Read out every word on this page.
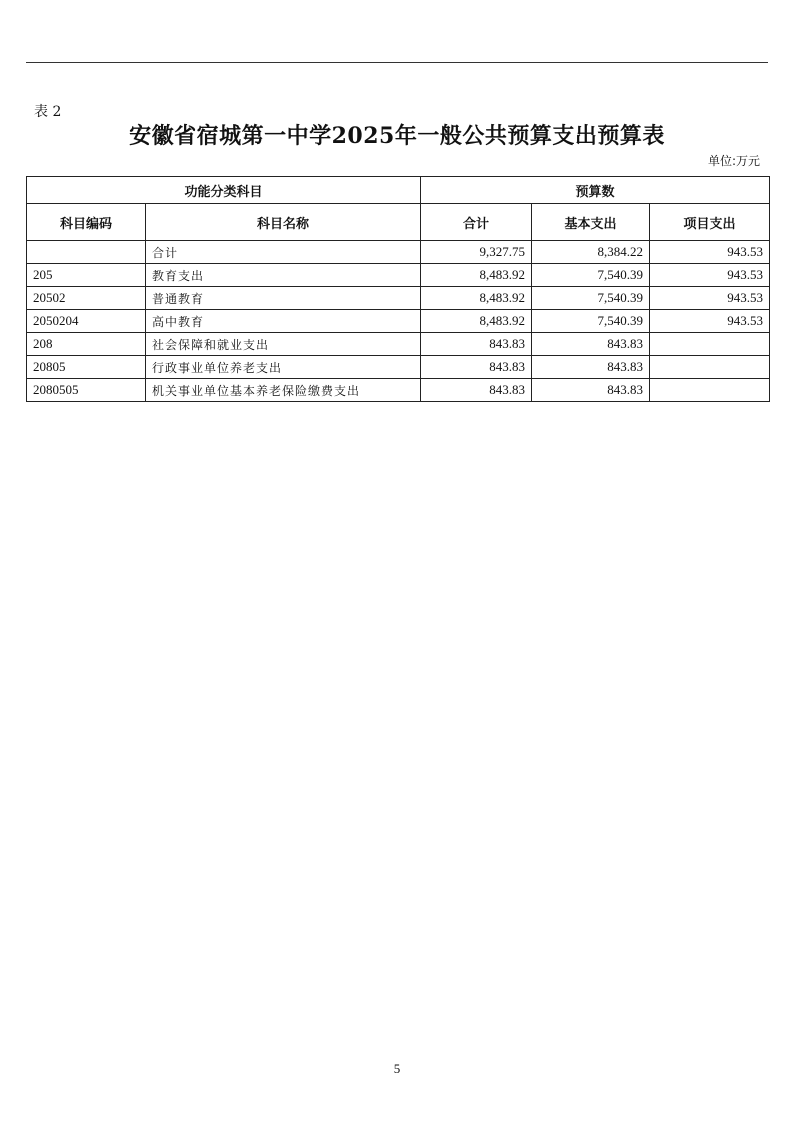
表 2
安徽省宿城第一中学2025年一般公共预算支出预算表
单位:万元
功能分类科目		预算数		
科目编码	科目名称	合计	基本支出	项目支出
	合计	9,327.75	8,384.22	943.53
205	教育支出	8,483.92	7,540.39	943.53
20502	普通教育	8,483.92	7,540.39	943.53
2050204	高中教育	8,483.92	7,540.39	943.53
208	社会保障和就业支出	843.83	843.83	
20805	行政事业单位养老支出	843.83	843.83	
2080505	机关事业单位基本养老保险缴费支出	843.83	843.83	
5
